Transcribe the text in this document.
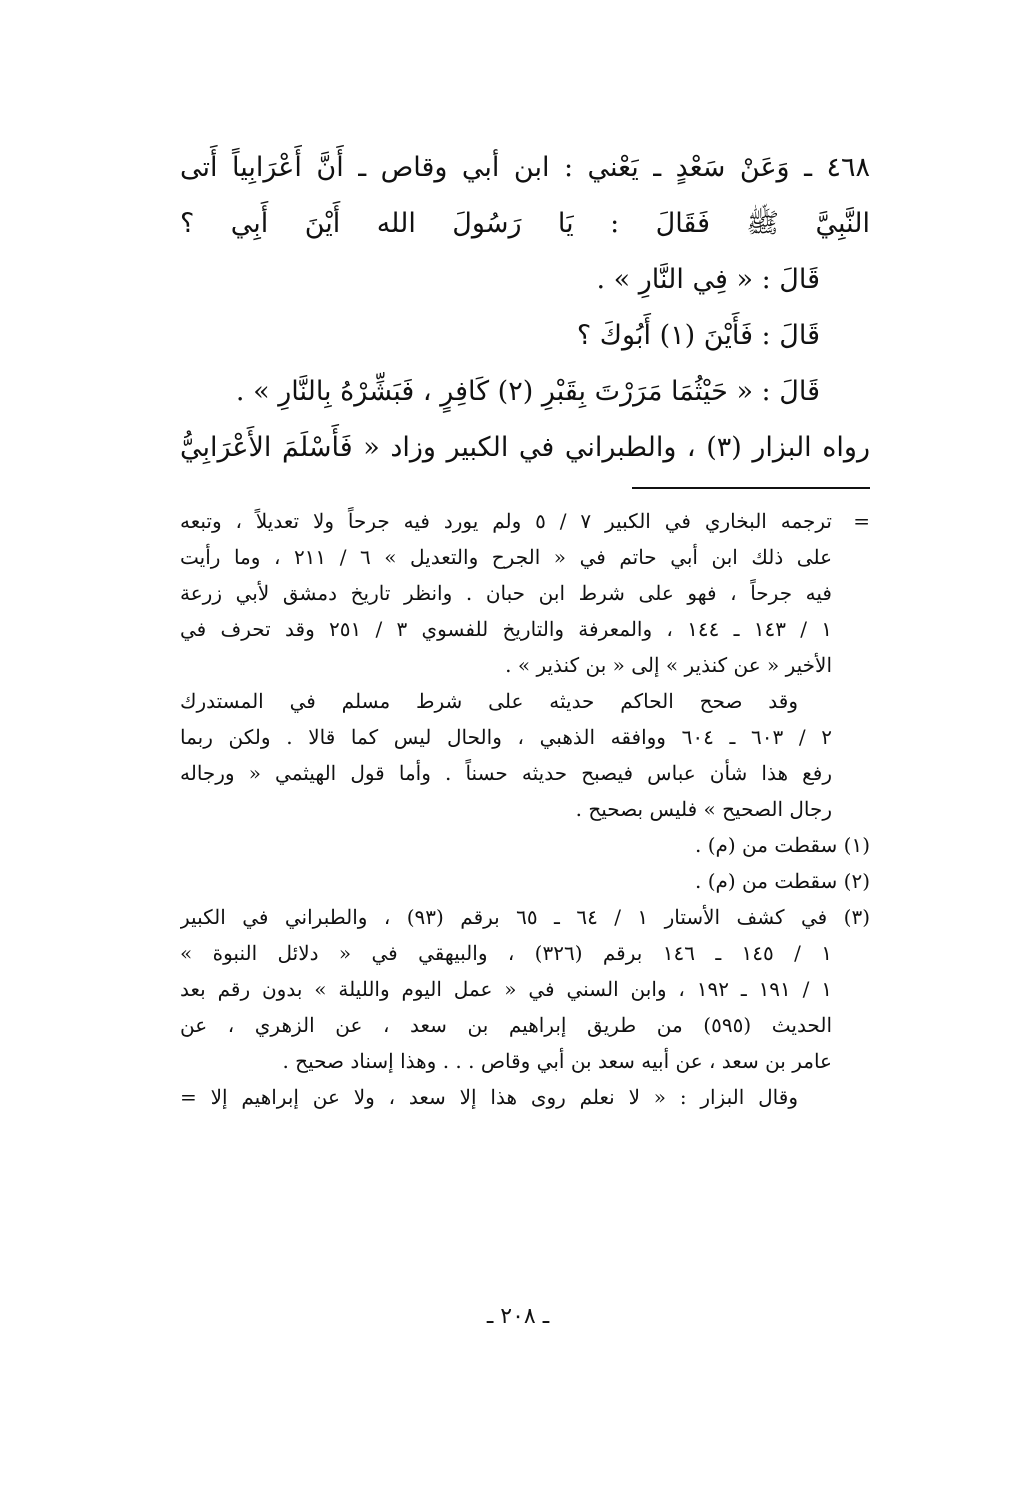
٤٦٨ ـ وَعَنْ سَعْدٍ ـ يَعْني : ابن أبي وقاص ـ أَنَّ أَعْرَابِياً أَتى
النَّبِيَّ ﷺ فَقَالَ : يَا رَسُولَ الله أَيْنَ أَبِي ؟
قَالَ : « فِي النَّارِ » .
قَالَ : فَأَيْنَ (١) أَبُوكَ ؟
قَالَ : « حَيْثُمَا مَرَرْتَ بِقَبْرِ (٢) كَافِرٍ ، فَبَشِّرْهُ بِالنَّارِ » .
رواه البزار (٣) ، والطبراني في الكبير وزاد « فَأَسْلَمَ الأَعْرَابِيُّ
=
ترجمه البخاري في الكبير ٧ / ٥ ولم يورد فيه جرحاً ولا تعديلاً ، وتبعه
على ذلك ابن أبي حاتم في « الجرح والتعديل » ٦ / ٢١١ ، وما رأيت
فيه جرحاً ، فهو على شرط ابن حبان . وانظر تاريخ دمشق لأبي زرعة
١ / ١٤٣ ـ ١٤٤ ، والمعرفة والتاريخ للفسوي ٣ / ٢٥١ وقد تحرف في
الأخير « عن كنذير » إلى « بن كنذير » .
وقد صحح الحاكم حديثه على شرط مسلم في المستدرك
٢ / ٦٠٣ ـ ٦٠٤ ووافقه الذهبي ، والحال ليس كما قالا . ولكن ربما
رفع هذا شأن عباس فيصبح حديثه حسناً . وأما قول الهيثمي « ورجاله
رجال الصحيح » فليس بصحيح .
(١) سقطت من (م) .
(٢) سقطت من (م) .
(٣) في كشف الأستار ١ / ٦٤ ـ ٦٥ برقم (٩٣) ، والطبراني في الكبير
١ / ١٤٥ ـ ١٤٦ برقم (٣٢٦) ، والبيهقي في « دلائل النبوة »
١ / ١٩١ ـ ١٩٢ ، وابن السني في « عمل اليوم والليلة » بدون رقم بعد
الحديث (٥٩٥) من طريق إبراهيم بن سعد ، عن الزهري ، عن
عامر بن سعد ، عن أبيه سعد بن أبي وقاص . . . وهذا إسناد صحيح .
وقال البزار : « لا نعلم روى هذا إلا سعد ، ولا عن إبراهيم إلا =
ـ ٢٠٨ ـ
